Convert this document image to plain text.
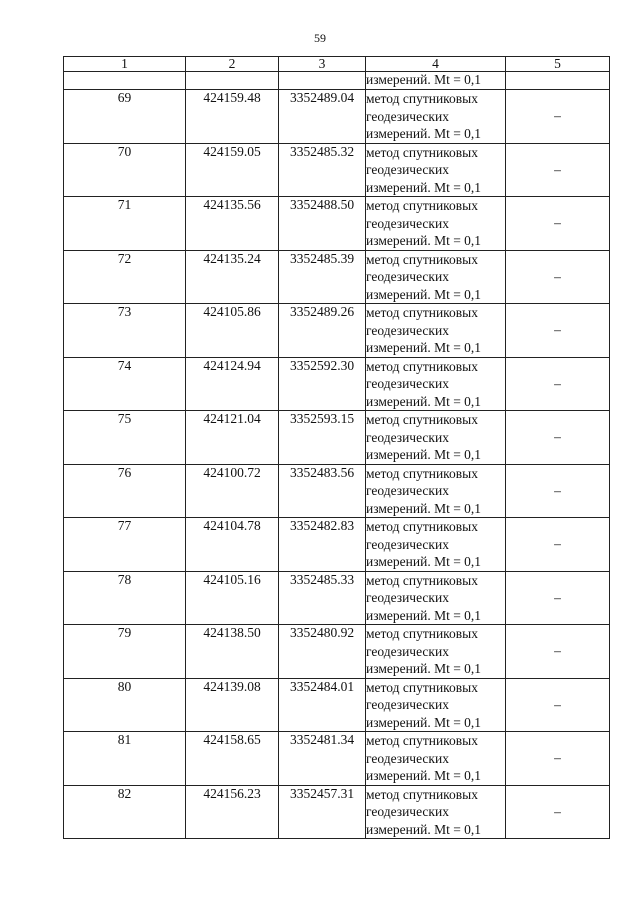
59
1	2	3	4	5
			измерений. Mt = 0,1	
69	424159.48	3352489.04	метод спутниковых
геодезических
измерений. Mt = 0,1	–
70	424159.05	3352485.32	метод спутниковых
геодезических
измерений. Mt = 0,1	–
71	424135.56	3352488.50	метод спутниковых
геодезических
измерений. Mt = 0,1	–
72	424135.24	3352485.39	метод спутниковых
геодезических
измерений. Mt = 0,1	–
73	424105.86	3352489.26	метод спутниковых
геодезических
измерений. Mt = 0,1	–
74	424124.94	3352592.30	метод спутниковых
геодезических
измерений. Mt = 0,1	–
75	424121.04	3352593.15	метод спутниковых
геодезических
измерений. Mt = 0,1	–
76	424100.72	3352483.56	метод спутниковых
геодезических
измерений. Mt = 0,1	–
77	424104.78	3352482.83	метод спутниковых
геодезических
измерений. Mt = 0,1	–
78	424105.16	3352485.33	метод спутниковых
геодезических
измерений. Mt = 0,1	–
79	424138.50	3352480.92	метод спутниковых
геодезических
измерений. Mt = 0,1	–
80	424139.08	3352484.01	метод спутниковых
геодезических
измерений. Mt = 0,1	–
81	424158.65	3352481.34	метод спутниковых
геодезических
измерений. Mt = 0,1	–
82	424156.23	3352457.31	метод спутниковых
геодезических
измерений. Mt = 0,1	–
